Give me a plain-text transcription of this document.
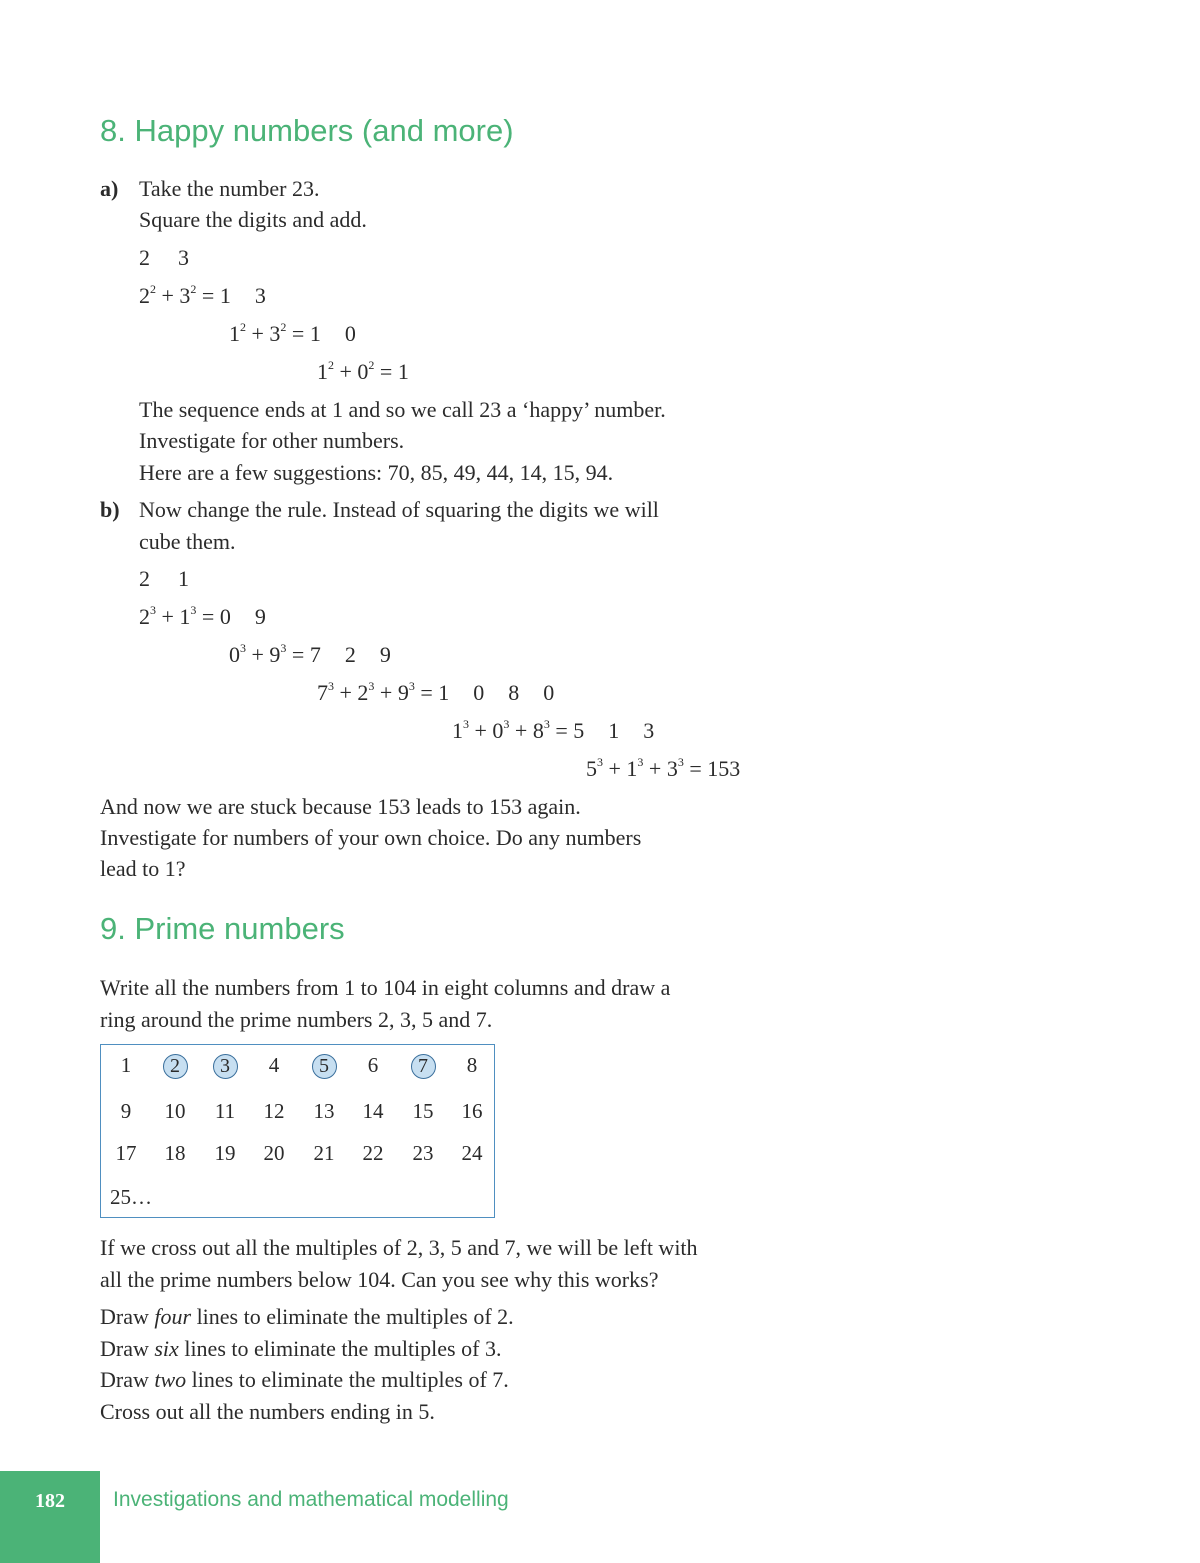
8. Happy numbers (and more)
a) Take the number 23.
Square the digits and add.
2 3
$2^2 + 3^2 = 1$ 3
$1^2 + 3^2 = 1$ 0
$1^2 + 0^2 = 1$
The sequence ends at 1 and so we call 23 a ‘happy’ number.
Investigate for other numbers.
Here are a few suggestions: 70, 85, 49, 44, 14, 15, 94.
b) Now change the rule. Instead of squaring the digits we will
cube them.
2 1
$2^3 + 1^3 = 0$ 9
$0^3 + 9^3 = 7$ 2 9
$7^3 + 2^3 + 9^3 = 1$ 0 8 0
$1^3 + 0^3 + 8^3 = 5$ 1 3
$5^3 + 1^3 + 3^3 = 153$
And now we are stuck because 153 leads to 153 again.
Investigate for numbers of your own choice. Do any numbers
lead to 1?
9. Prime numbers
Write all the numbers from 1 to 104 in eight columns and draw a
ring around the prime numbers 2, 3, 5 and 7.
1	2	3	4	5	6	7	8
9	10	11	12	13	14	15	16
17	18	19	20	21	22	23	24
25…
If we cross out all the multiples of 2, 3, 5 and 7, we will be left with
all the prime numbers below 104. Can you see why this works?
Draw four lines to eliminate the multiples of 2.
Draw six lines to eliminate the multiples of 3.
Draw two lines to eliminate the multiples of 7.
Cross out all the numbers ending in 5.
182	Investigations and mathematical modelling
